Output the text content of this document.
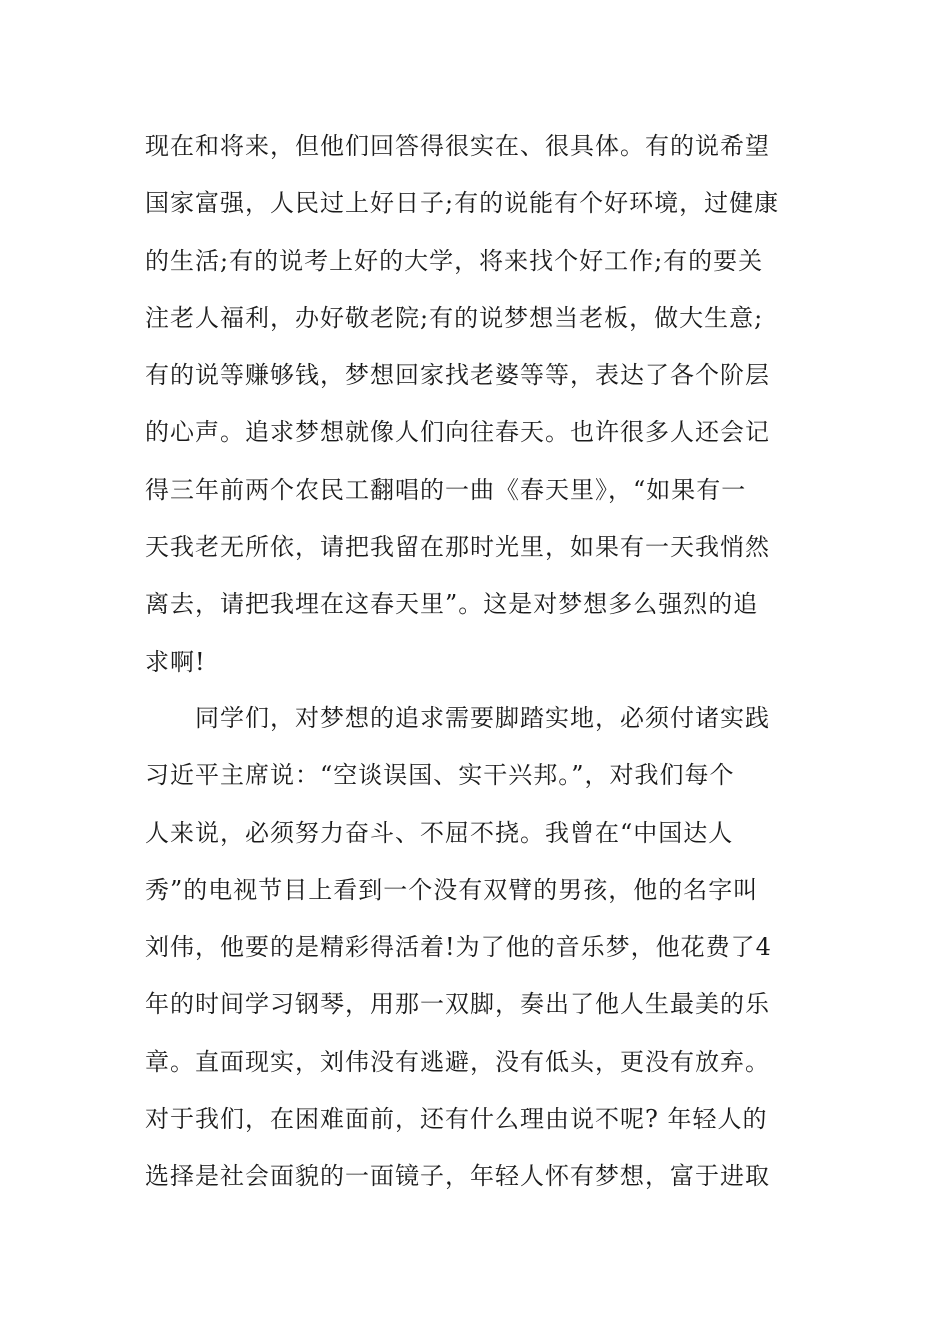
现在和将来，但他们回答得很实在、很具体。有的说希望
国家富强，人民过上好日子;有的说能有个好环境，过健康
的生活;有的说考上好的大学，将来找个好工作;有的要关
注老人福利，办好敬老院;有的说梦想当老板，做大生意;
有的说等赚够钱，梦想回家找老婆等等，表达了各个阶层
的心声。追求梦想就像人们向往春天。也许很多人还会记
得三年前两个农民工翻唱的一曲《春天里》，“如果有一
天我老无所依，请把我留在那时光里，如果有一天我悄然
离去，请把我埋在这春天里”。这是对梦想多么强烈的追
求啊!
同学们，对梦想的追求需要脚踏实地，必须付诸实践
习近平主席说：“空谈误国、实干兴邦。”，对我们每个
人来说，必须努力奋斗、不屈不挠。我曾在“中国达人
秀”的电视节目上看到一个没有双臂的男孩，他的名字叫
刘伟，他要的是精彩得活着!为了他的音乐梦，他花费了4
年的时间学习钢琴，用那一双脚，奏出了他人生最美的乐
章。直面现实，刘伟没有逃避，没有低头，更没有放弃。
对于我们，在困难面前，还有什么理由说不呢? 年轻人的
选择是社会面貌的一面镜子，年轻人怀有梦想，富于进取
